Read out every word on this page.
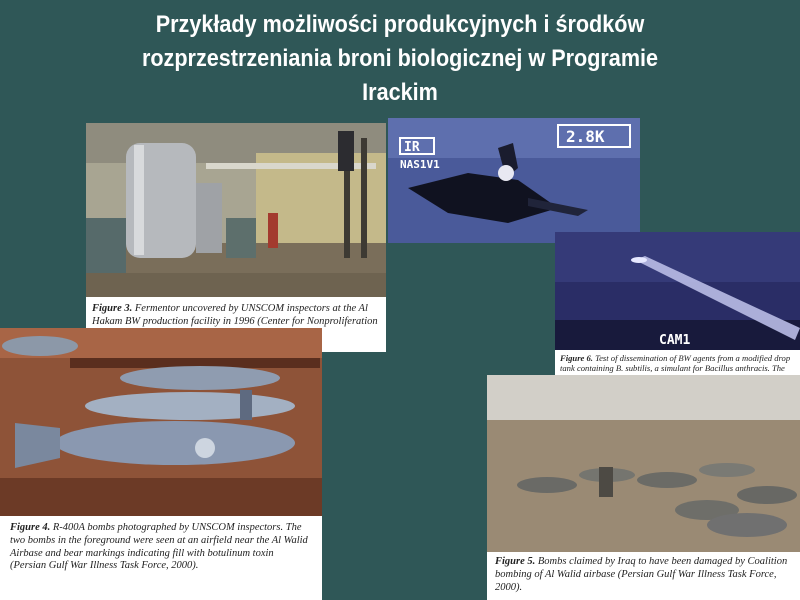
Przykłady możliwości produkcyjnych i środków
rozprzestrzeniania broni biologicznej w Programie
Irackim
Figure 3. Fermentor uncovered by UNSCOM inspectors at the Al Hakam BW production facility in 1996 (Center for Nonproliferation
2.8K
IR
NAS1V1
CAM1
Figure 6. Test of dissemination of BW agents from a modified drop tank containing B. subtilis, a simulant for Bacillus anthracis. The
Figure 4. R-400A bombs photographed by UNSCOM inspectors. The two bombs in the foreground were seen at an airfield near the Al Walid Airbase and bear markings indicating fill with botulinum toxin (Persian Gulf War Illness Task Force, 2000).	Figure 5. Bombs claimed by Iraq to have been damaged by Coalition bombing of Al Walid airbase (Persian Gulf War Illness Task Force, 2000).
